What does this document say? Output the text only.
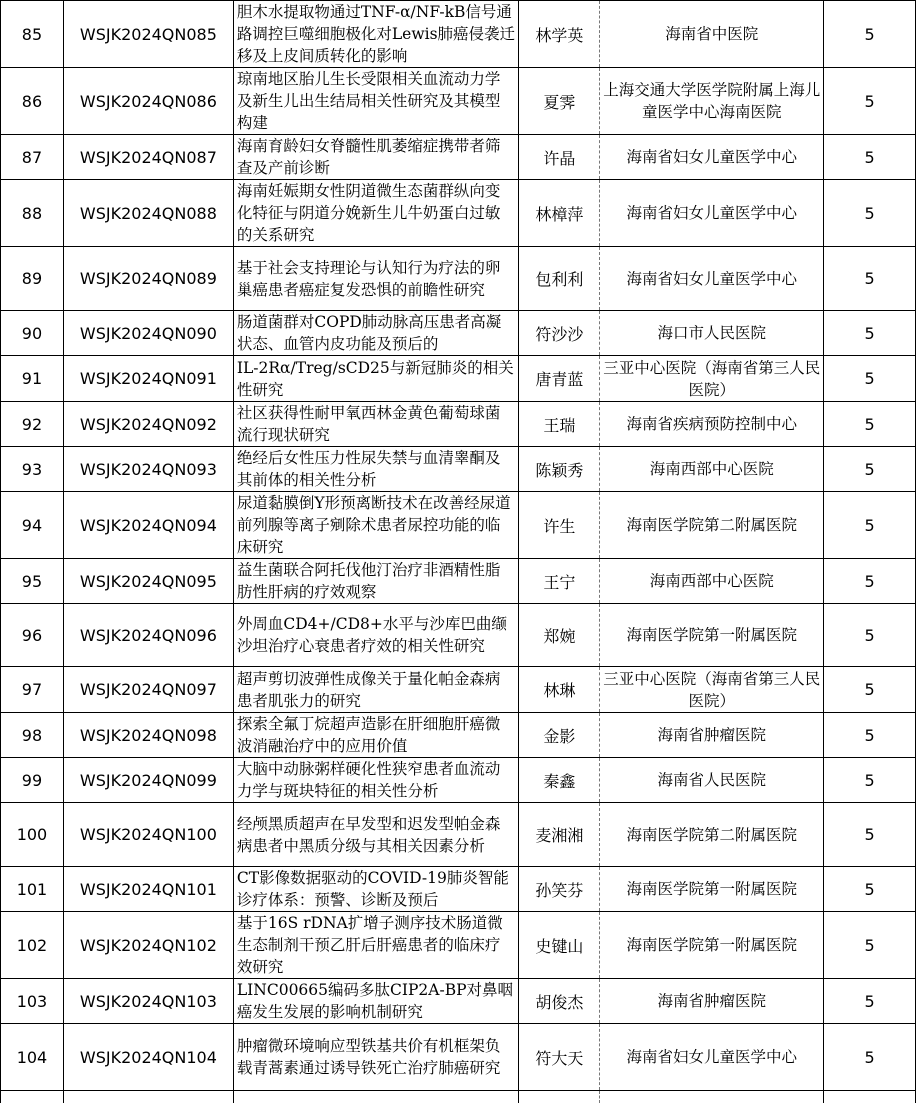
85	WSJK2024QN085	胆木水提取物通过TNF-α/NF-kB信号通路调控巨噬细胞极化对Lewis肺癌侵袭迁移及上皮间质转化的影响	林学英	海南省中医院	5
86	WSJK2024QN086	琼南地区胎儿生长受限相关血流动力学及新生儿出生结局相关性研究及其模型构建	夏霁	上海交通大学医学院附属上海儿童医学中心海南医院	5
87	WSJK2024QN087	海南育龄妇女脊髓性肌萎缩症携带者筛查及产前诊断	许晶	海南省妇女儿童医学中心	5
88	WSJK2024QN088	海南妊娠期女性阴道微生态菌群纵向变化特征与阴道分娩新生儿牛奶蛋白过敏的关系研究	林樟萍	海南省妇女儿童医学中心	5
89	WSJK2024QN089	基于社会支持理论与认知行为疗法的卵巢癌患者癌症复发恐惧的前瞻性研究	包利利	海南省妇女儿童医学中心	5
90	WSJK2024QN090	肠道菌群对COPD肺动脉高压患者高凝状态、血管内皮功能及预后的	符沙沙	海口市人民医院	5
91	WSJK2024QN091	IL-2Rα/Treg/sCD25与新冠肺炎的相关性研究	唐青蓝	三亚中心医院（海南省第三人民医院）	5
92	WSJK2024QN092	社区获得性耐甲氧西林金黄色葡萄球菌流行现状研究	王瑞	海南省疾病预防控制中心	5
93	WSJK2024QN093	绝经后女性压力性尿失禁与血清睾酮及其前体的相关性分析	陈颖秀	海南西部中心医院	5
94	WSJK2024QN094	尿道黏膜倒Y形预离断技术在改善经尿道前列腺等离子剜除术患者尿控功能的临床研究	许生	海南医学院第二附属医院	5
95	WSJK2024QN095	益生菌联合阿托伐他汀治疗非酒精性脂肪性肝病的疗效观察	王宁	海南西部中心医院	5
96	WSJK2024QN096	外周血CD4+/CD8+水平与沙库巴曲缬沙坦治疗心衰患者疗效的相关性研究	郑婉	海南医学院第一附属医院	5
97	WSJK2024QN097	超声剪切波弹性成像关于量化帕金森病患者肌张力的研究	林琳	三亚中心医院（海南省第三人民医院）	5
98	WSJK2024QN098	探索全氟丁烷超声造影在肝细胞肝癌微波消融治疗中的应用价值	金影	海南省肿瘤医院	5
99	WSJK2024QN099	大脑中动脉粥样硬化性狭窄患者血流动力学与斑块特征的相关性分析	秦鑫	海南省人民医院	5
100	WSJK2024QN100	经颅黑质超声在早发型和迟发型帕金森病患者中黑质分级与其相关因素分析	麦湘湘	海南医学院第二附属医院	5
101	WSJK2024QN101	CT影像数据驱动的COVID-19肺炎智能诊疗体系：预警、诊断及预后	孙笑芬	海南医学院第一附属医院	5
102	WSJK2024QN102	基于16S rDNA扩增子测序技术肠道微生态制剂干预乙肝后肝癌患者的临床疗效研究	史键山	海南医学院第一附属医院	5
103	WSJK2024QN103	LINC00665编码多肽CIP2A-BP对鼻咽癌发生发展的影响机制研究	胡俊杰	海南省肿瘤医院	5
104	WSJK2024QN104	肿瘤微环境响应型铁基共价有机框架负载青蒿素通过诱导铁死亡治疗肺癌研究	符大天	海南省妇女儿童医学中心	5
